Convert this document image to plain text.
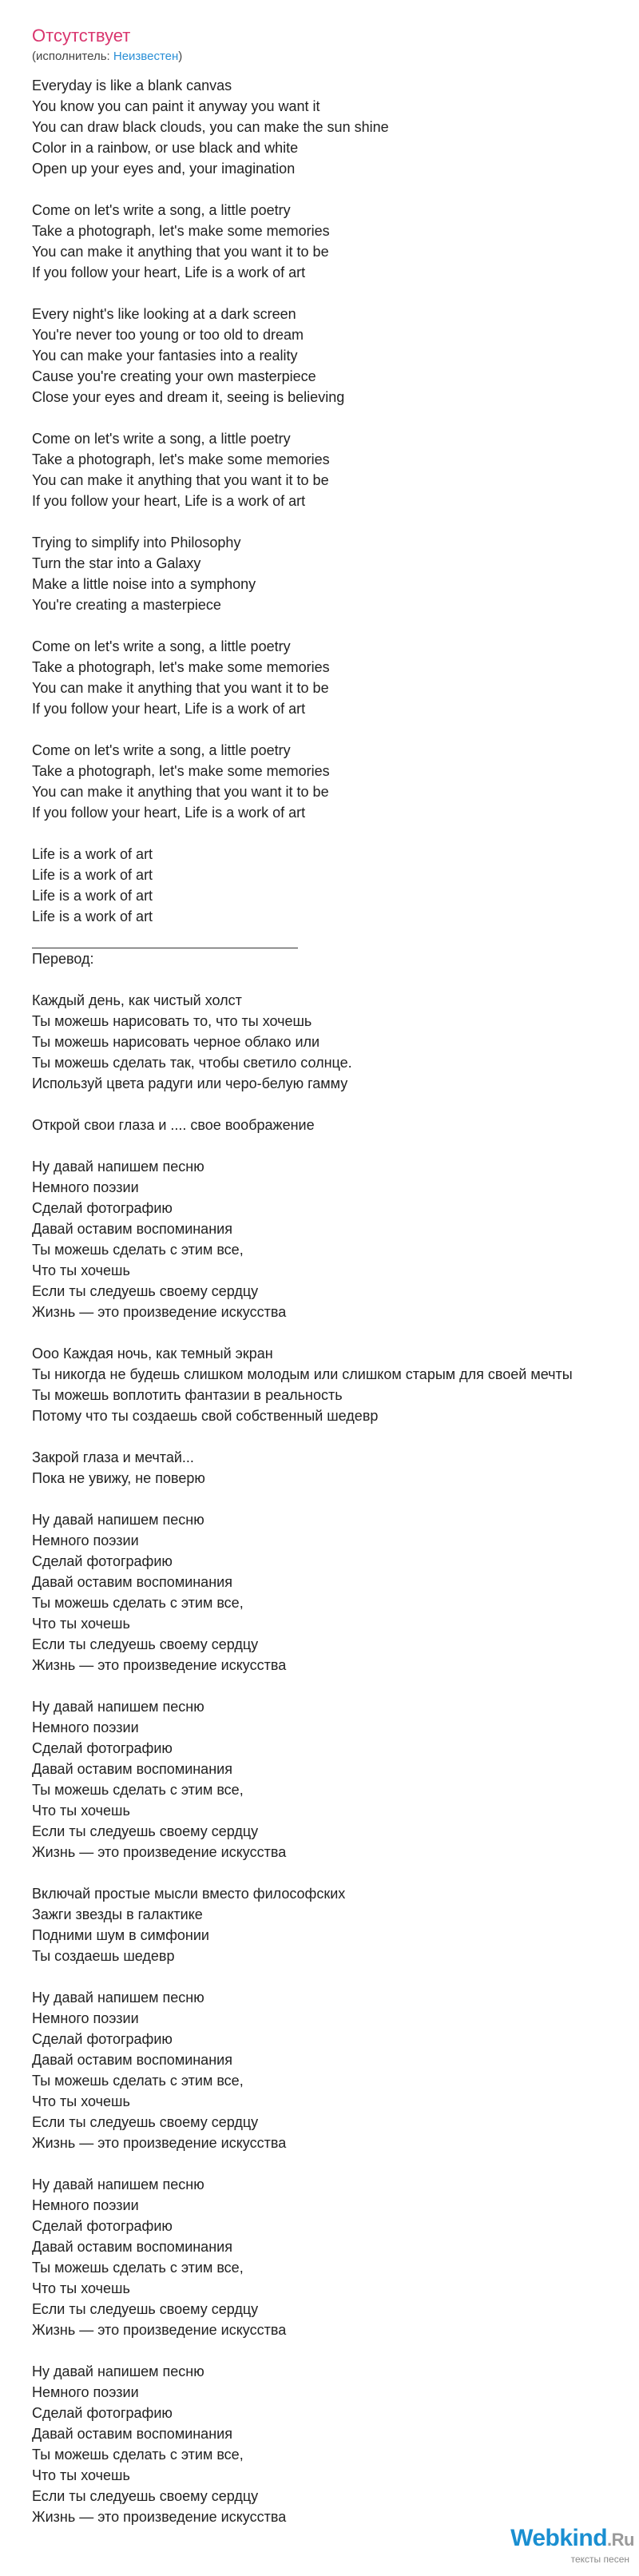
Отсутствует
(исполнитель: Неизвестен)
Everyday is like a blank canvas
You know you can paint it anyway you want it
You can draw black clouds, you can make the sun shine
Color in a rainbow, or use black and white
Open up your eyes and, your imagination
Come on let's write a song, a little poetry
Take a photograph, let's make some memories
You can make it anything that you want it to be
If you follow your heart, Life is a work of art
Every night's like looking at a dark screen
You're never too young or too old to dream
You can make your fantasies into a reality
Cause you're creating your own masterpiece
Close your eyes and dream it, seeing is believing
Come on let's write a song, a little poetry
Take a photograph, let's make some memories
You can make it anything that you want it to be
If you follow your heart, Life is a work of art
Trying to simplify into Philosophy
Turn the star into a Galaxy
Make a little noise into a symphony
You're creating a masterpiece
Come on let's write a song, a little poetry
Take a photograph, let's make some memories
You can make it anything that you want it to be
If you follow your heart, Life is a work of art
Come on let's write a song, a little poetry
Take a photograph, let's make some memories
You can make it anything that you want it to be
If you follow your heart, Life is a work of art
Life is a work of art
Life is a work of art
Life is a work of art
Life is a work of art
Перевод:
Каждый день, как чистый холст
Ты можешь нарисовать то, что ты хочешь
Ты можешь нарисовать черное облако или
Ты можешь сделать так, чтобы светило солнце.
Используй цвета радуги или черо-белую гамму
Открой свои глаза и .... свое воображение
Ну давай напишем песню
Немного поэзии
Сделай фотографию
Давай оставим воспоминания
Ты можешь сделать с этим все,
Что ты хочешь
Если ты следуешь своему сердцу
Жизнь — это произведение искусства
Ооо Каждая ночь, как темный экран
Ты никогда не будешь слишком молодым или слишком старым для своей мечты
Ты можешь воплотить фантазии в реальность
Потому что ты создаешь свой собственный шедевр
Закрой глаза и мечтай...
Пока не увижу, не поверю
Ну давай напишем песню
Немного поэзии
Сделай фотографию
Давай оставим воспоминания
Ты можешь сделать с этим все,
Что ты хочешь
Если ты следуешь своему сердцу
Жизнь — это произведение искусства
Ну давай напишем песню
Немного поэзии
Сделай фотографию
Давай оставим воспоминания
Ты можешь сделать с этим все,
Что ты хочешь
Если ты следуешь своему сердцу
Жизнь — это произведение искусства
Включай простые мысли вместо философских
Зажги звезды в галактике
Подними шум в симфонии
Ты создаешь шедевр
Ну давай напишем песню
Немного поэзии
Сделай фотографию
Давай оставим воспоминания
Ты можешь сделать с этим все,
Что ты хочешь
Если ты следуешь своему сердцу
Жизнь — это произведение искусства
Ну давай напишем песню
Немного поэзии
Сделай фотографию
Давай оставим воспоминания
Ты можешь сделать с этим все,
Что ты хочешь
Если ты следуешь своему сердцу
Жизнь — это произведение искусства
Ну давай напишем песню
Немного поэзии
Сделай фотографию
Давай оставим воспоминания
Ты можешь сделать с этим все,
Что ты хочешь
Если ты следуешь своему сердцу
Жизнь — это произведение искусства
Webkind.Ru
тексты песен
